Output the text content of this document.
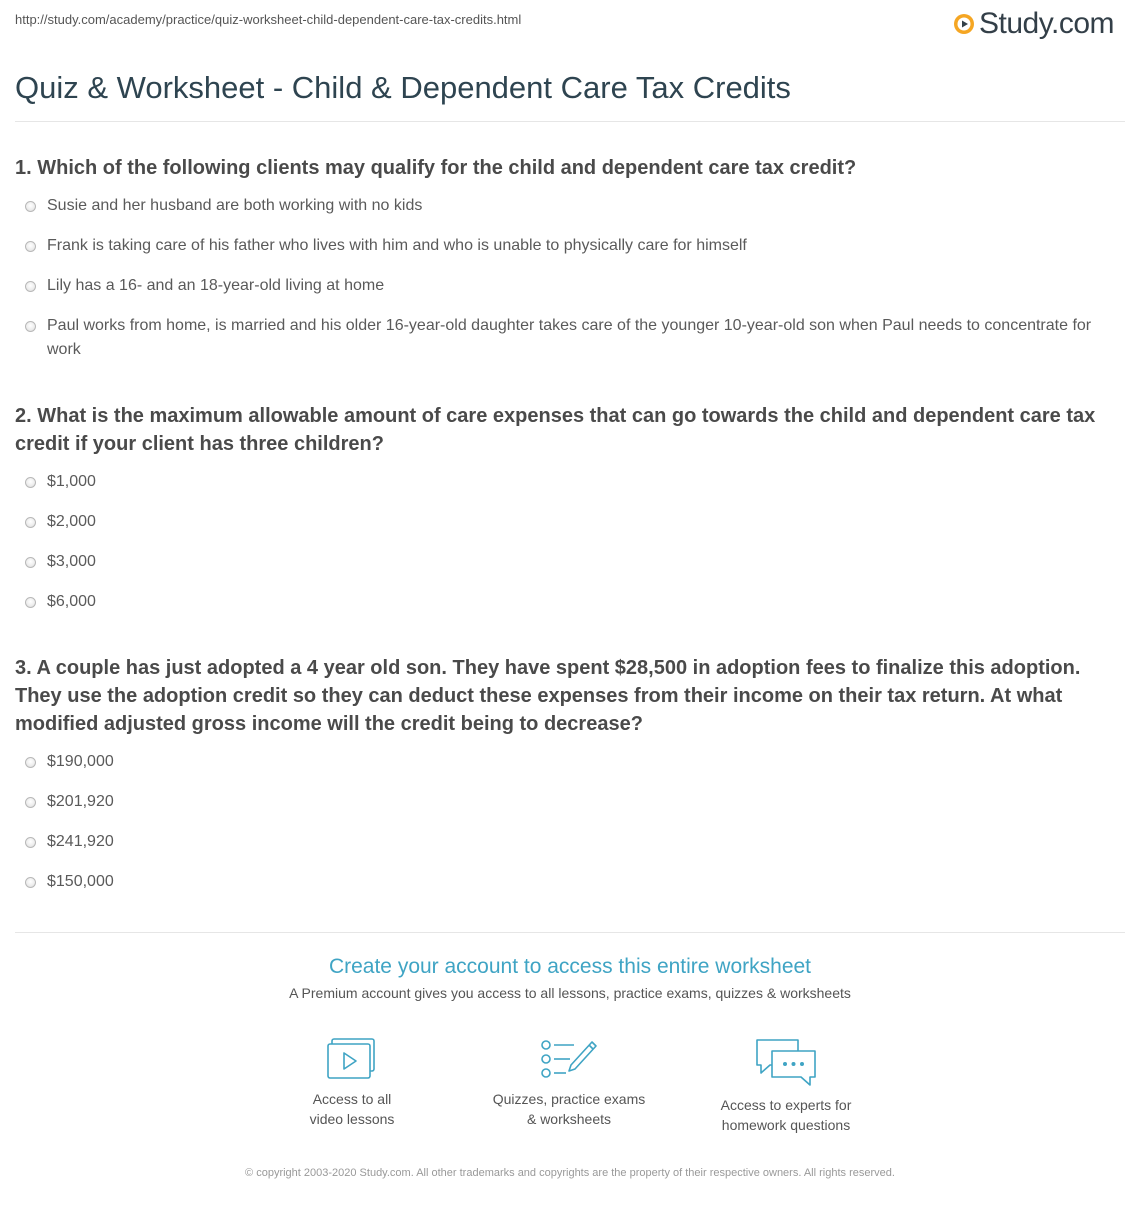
http://study.com/academy/practice/quiz-worksheet-child-dependent-care-tax-credits.html	Study.com
Quiz & Worksheet - Child & Dependent Care Tax Credits
1. Which of the following clients may qualify for the child and dependent care tax credit?
Susie and her husband are both working with no kids
Frank is taking care of his father who lives with him and who is unable to physically care for himself
Lily has a 16- and an 18-year-old living at home
Paul works from home, is married and his older 16-year-old daughter takes care of the younger 10-year-old son when Paul needs to concentrate for work
2. What is the maximum allowable amount of care expenses that can go towards the child and dependent care tax credit if your client has three children?
$1,000
$2,000
$3,000
$6,000
3. A couple has just adopted a 4 year old son. They have spent $28,500 in adoption fees to finalize this adoption. They use the adoption credit so they can deduct these expenses from their income on their tax return. At what modified adjusted gross income will the credit being to decrease?
$190,000
$201,920
$241,920
$150,000
Create your account to access this entire worksheet
A Premium account gives you access to all lessons, practice exams, quizzes & worksheets
Access to all
video lessons
Quizzes, practice exams
& worksheets
Access to experts for
homework questions
© copyright 2003-2020 Study.com. All other trademarks and copyrights are the property of their respective owners. All rights reserved.
